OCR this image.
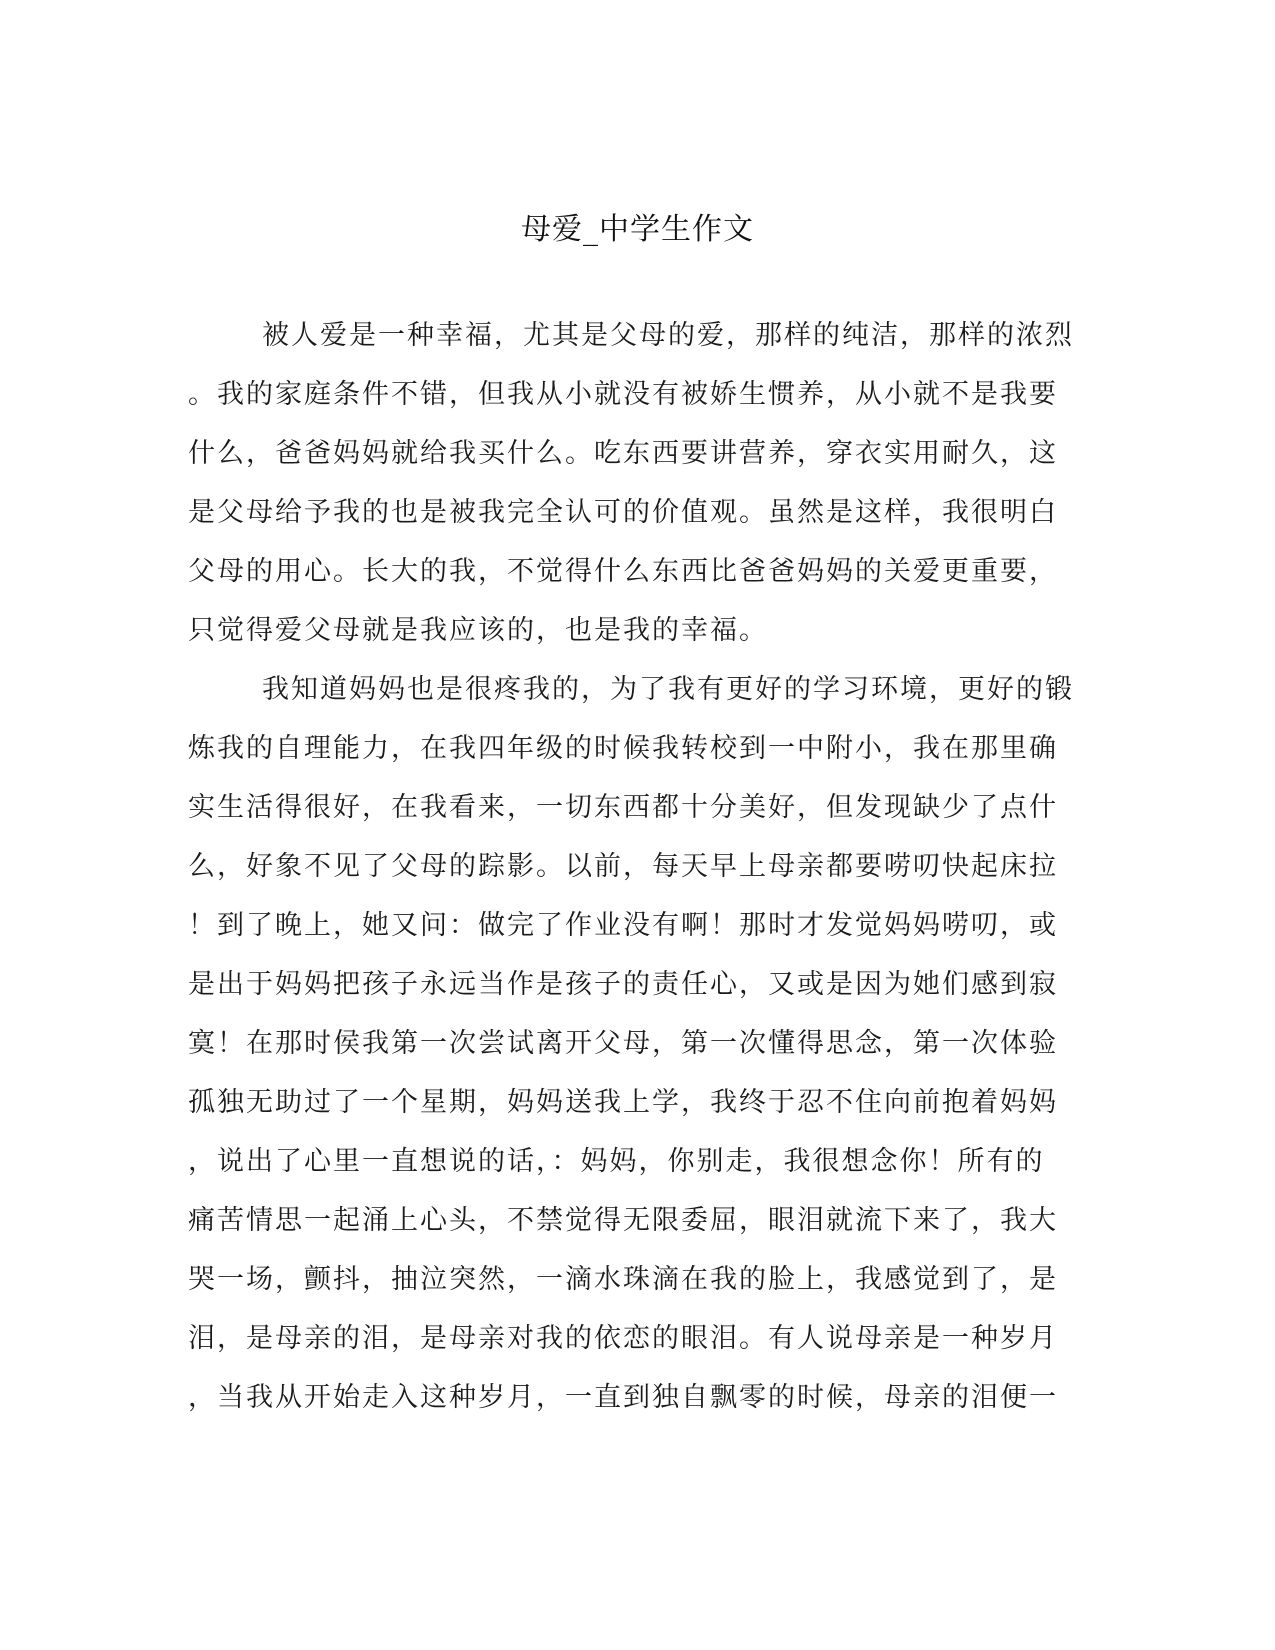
母爱_中学生作文
被人爱是一种幸福，尤其是父母的爱，那样的纯洁，那样的浓烈
。我的家庭条件不错，但我从小就没有被娇生惯养，从小就不是我要
什么，爸爸妈妈就给我买什么。吃东西要讲营养，穿衣实用耐久，这
是父母给予我的也是被我完全认可的价值观。虽然是这样，我很明白
父母的用心。长大的我，不觉得什么东西比爸爸妈妈的关爱更重要，
只觉得爱父母就是我应该的，也是我的幸福。
我知道妈妈也是很疼我的，为了我有更好的学习环境，更好的锻
炼我的自理能力，在我四年级的时候我转校到一中附小，我在那里确
实生活得很好，在我看来，一切东西都十分美好，但发现缺少了点什
么，好象不见了父母的踪影。以前，每天早上母亲都要唠叨快起床拉
！到了晚上，她又问：做完了作业没有啊！那时才发觉妈妈唠叨，或
是出于妈妈把孩子永远当作是孩子的责任心，又或是因为她们感到寂
寞！在那时侯我第一次尝试离开父母，第一次懂得思念，第一次体验
孤独无助过了一个星期，妈妈送我上学，我终于忍不住向前抱着妈妈
，说出了心里一直想说的话，：妈妈，你别走，我很想念你！所有的
痛苦情思一起涌上心头，不禁觉得无限委屈，眼泪就流下来了，我大
哭一场，颤抖，抽泣突然，一滴水珠滴在我的脸上，我感觉到了，是
泪，是母亲的泪，是母亲对我的依恋的眼泪。有人说母亲是一种岁月
，当我从开始走入这种岁月，一直到独自飘零的时候，母亲的泪便一
